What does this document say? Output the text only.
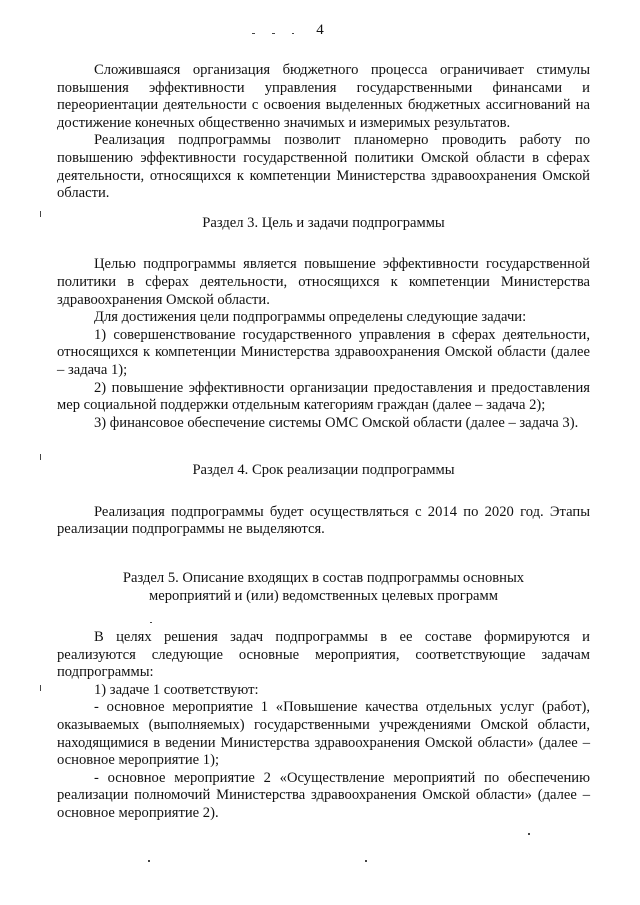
4

Сложившаяся организация бюджетного процесса ограничивает стимулы повышения эффективности управления государственными финансами и переориентации деятельности с освоения выделенных бюджетных ассигнований на достижение конечных общественно значимых и измеримых результатов.

Реализация подпрограммы позволит планомерно проводить работу по повышению эффективности государственной политики Омской области в сферах деятельности, относящихся к компетенции Министерства здравоохранения Омской области.

Раздел 3. Цель и задачи подпрограммы

Целью подпрограммы является повышение эффективности государственной политики в сферах деятельности, относящихся к компетенции Министерства здравоохранения Омской области.

Для достижения цели подпрограммы определены следующие задачи:

1) совершенствование государственного управления в сферах деятельности, относящихся к компетенции Министерства здравоохранения Омской области (далее – задача 1);

2) повышение эффективности организации предоставления и предоставления мер социальной поддержки отдельным категориям граждан (далее – задача 2);

3) финансовое обеспечение системы ОМС Омской области (далее – задача 3).

Раздел 4. Срок реализации подпрограммы

Реализация подпрограммы будет осуществляться с 2014 по 2020 год. Этапы реализации подпрограммы не выделяются.

Раздел 5. Описание входящих в состав подпрограммы основных
мероприятий и (или) ведомственных целевых программ

В целях решения задач подпрограммы в ее составе формируются и реализуются следующие основные мероприятия, соответствующие задачам подпрограммы:

1) задаче 1 соответствуют:

- основное мероприятие 1 «Повышение качества отдельных услуг (работ), оказываемых (выполняемых) государственными учреждениями Омской области, находящимися в ведении Министерства здравоохранения Омской области» (далее – основное мероприятие 1);

- основное мероприятие 2 «Осуществление мероприятий по обеспечению реализации полномочий Министерства здравоохранения Омской области» (далее – основное мероприятие 2).
